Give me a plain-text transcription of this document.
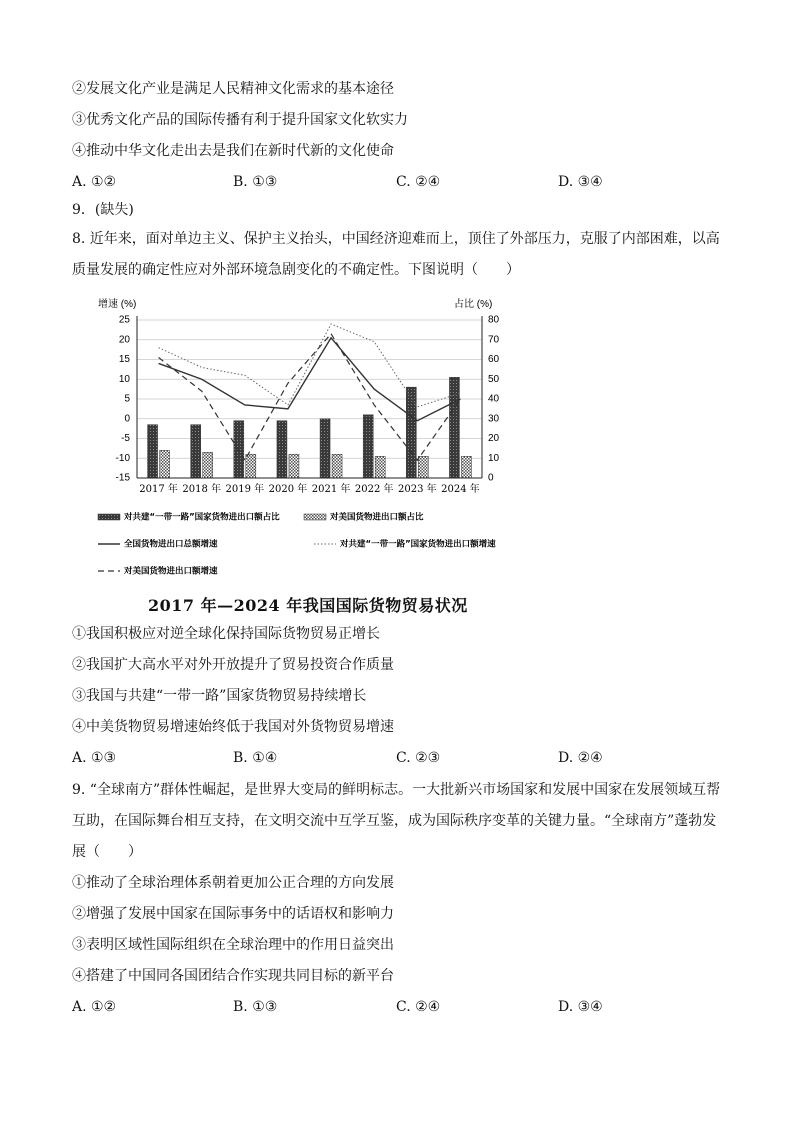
②发展文化产业是满足人民精神文化需求的基本途径
③优秀文化产品的国际传播有利于提升国家文化软实力
④推动中华文化走出去是我们在新时代新的文化使命
A. ①②	B. ①③	C. ②④	D. ③④
9．(缺失)
8. 近年来，面对单边主义、保护主义抬头，中国经济迎难而上，顶住了外部压力，克服了内部困难，以高质量发展的确定性应对外部环境急剧变化的不确定性。下图说明（　　）
增速 (%)	占比 (%)
25
20
15
10
5
0
-5
-10
-15
80
70
60
50
40
30
20
10
0
2017 年 2018 年 2019 年 2020 年 2021 年 2022 年 2023 年 2024 年
对共建“一带一路”国家货物进出口额占比	对美国货物进出口额占比
全国货物进出口总额增速	对共建“一带一路”国家货物进出口额增速
对美国货物进出口额增速
2017 年—2024 年我国国际货物贸易状况
①我国积极应对逆全球化保持国际货物贸易正增长
②我国扩大高水平对外开放提升了贸易投资合作质量
③我国与共建“一带一路”国家货物贸易持续增长
④中美货物贸易增速始终低于我国对外货物贸易增速
A. ①③	B. ①④	C. ②③	D. ②④
9. “全球南方”群体性崛起，是世界大变局的鲜明标志。一大批新兴市场国家和发展中国家在发展领域互帮互助，在国际舞台相互支持，在文明交流中互学互鉴，成为国际秩序变革的关键力量。“全球南方”蓬勃发展（　　）
①推动了全球治理体系朝着更加公正合理的方向发展
②增强了发展中国家在国际事务中的话语权和影响力
③表明区域性国际组织在全球治理中的作用日益突出
④搭建了中国同各国团结合作实现共同目标的新平台
A. ①②	B. ①③	C. ②④	D. ③④
